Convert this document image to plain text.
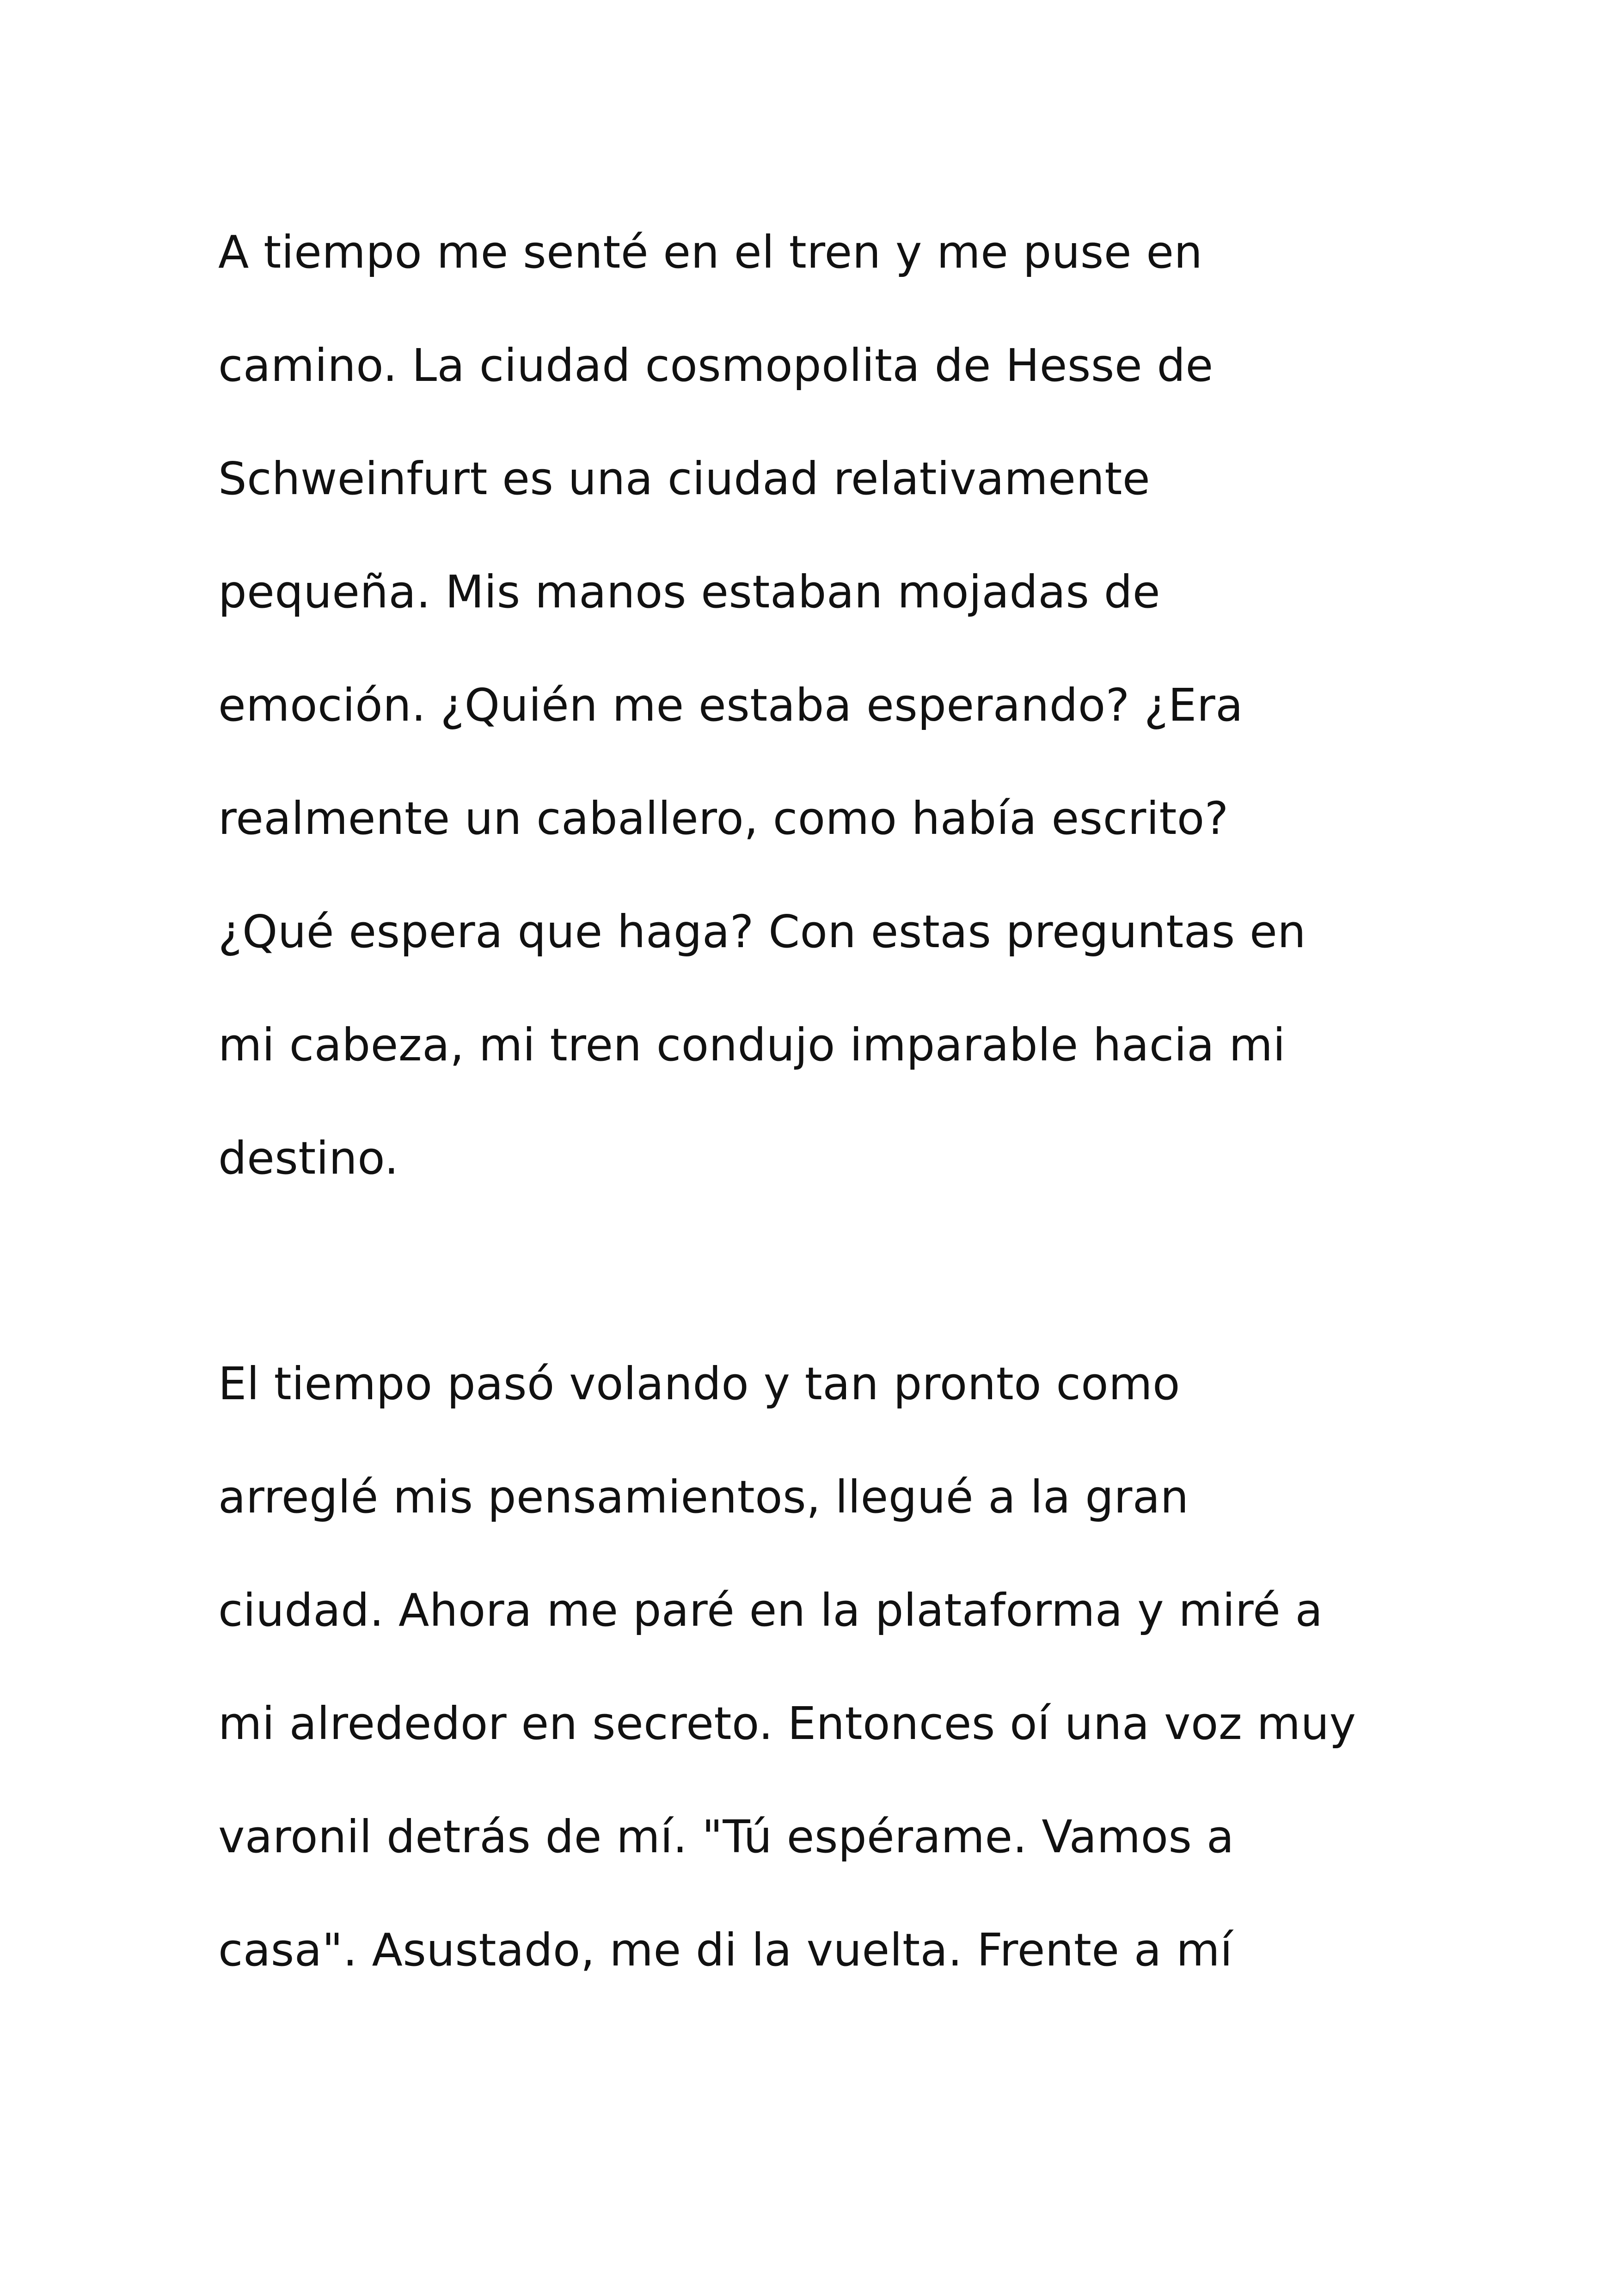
A tiempo me senté en el tren y me puse en
camino. La ciudad cosmopolita de Hesse de
Schweinfurt es una ciudad relativamente
pequeña. Mis manos estaban mojadas de
emoción. ¿Quién me estaba esperando? ¿Era
realmente un caballero, como había escrito?
¿Qué espera que haga? Con estas preguntas en
mi cabeza, mi tren condujo imparable hacia mi
destino.
El tiempo pasó volando y tan pronto como
arreglé mis pensamientos, llegué a la gran
ciudad. Ahora me paré en la plataforma y miré a
mi alrededor en secreto. Entonces oí una voz muy
varonil detrás de mí. "Tú espérame. Vamos a
casa". Asustado, me di la vuelta. Frente a mí
